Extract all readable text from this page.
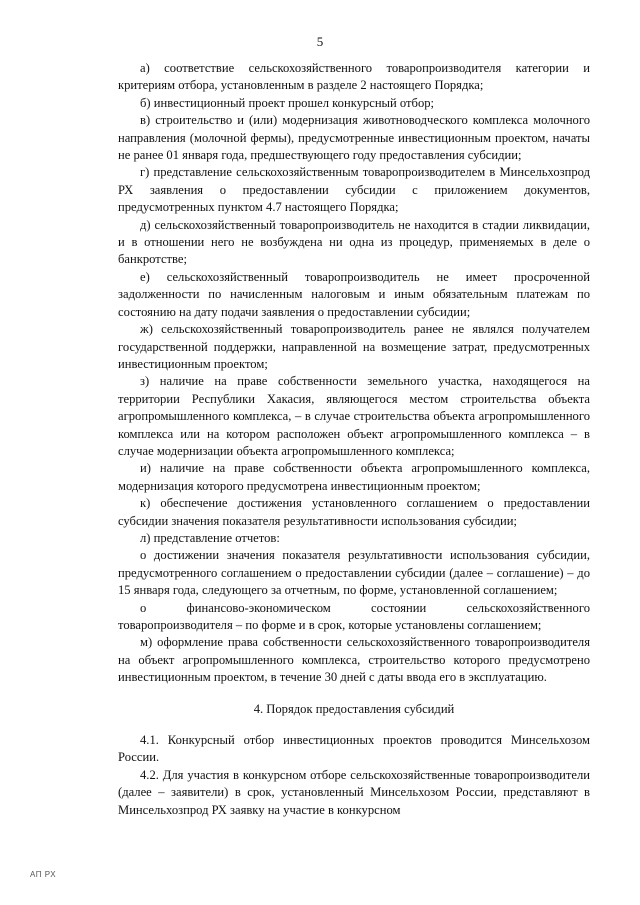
5

а) соответствие сельскохозяйственного товаропроизводителя категории и критериям отбора, установленным в разделе 2 настоящего Порядка;

б) инвестиционный проект прошел конкурсный отбор;

в) строительство и (или) модернизация животноводческого комплекса молочного направления (молочной фермы), предусмотренные инвестиционным проектом, начаты не ранее 01 января года, предшествующего году предоставления субсидии;

г) представление сельскохозяйственным товаропроизводителем в Минсельхозпрод РХ заявления о предоставлении субсидии с приложением документов, предусмотренных пунктом 4.7 настоящего Порядка;

д) сельскохозяйственный товаропроизводитель не находится в стадии ликвидации, и в отношении него не возбуждена ни одна из процедур, применяемых в деле о банкротстве;

е) сельскохозяйственный товаропроизводитель не имеет просроченной задолженности по начисленным налоговым и иным обязательным платежам по состоянию на дату подачи заявления о предоставлении субсидии;

ж) сельскохозяйственный товаропроизводитель ранее не являлся получателем государственной поддержки, направленной на возмещение затрат, предусмотренных инвестиционным проектом;

з) наличие на праве собственности земельного участка, находящегося на территории Республики Хакасия, являющегося местом строительства объекта агропромышленного комплекса, – в случае строительства объекта агропромышленного комплекса или на котором расположен объект агропромышленного комплекса – в случае модернизации объекта агропромышленного комплекса;

и) наличие на праве собственности объекта агропромышленного комплекса, модернизация которого предусмотрена инвестиционным проектом;

к) обеспечение достижения установленного соглашением о предоставлении субсидии значения показателя результативности использования субсидии;

л) представление отчетов:

о достижении значения показателя результативности использования субсидии, предусмотренного соглашением о предоставлении субсидии (далее – соглашение) – до 15 января года, следующего за отчетным, по форме, установленной соглашением;

о финансово-экономическом состоянии сельскохозяйственного товаропроизводителя – по форме и в срок, которые установлены соглашением;

м) оформление права собственности сельскохозяйственного товаропроизводителя на объект агропромышленного комплекса, строительство которого предусмотрено инвестиционным проектом, в течение 30 дней с даты ввода его в эксплуатацию.

4. Порядок предоставления субсидий

4.1. Конкурсный отбор инвестиционных проектов проводится Минсельхозом России.

4.2. Для участия в конкурсном отборе сельскохозяйственные товаропроизводители (далее – заявители) в срок, установленный Минсельхозом России, представляют в Минсельхозпрод РХ заявку на участие в конкурсном

АП РХ
